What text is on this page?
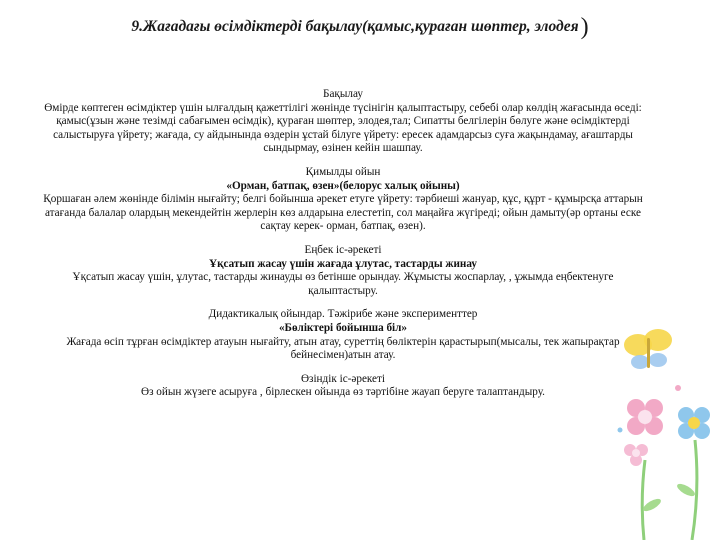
9.Жағадағы өсімдіктерді бақылау(қамыс,қураған шөптер, элодея)

Бақылау

Өмірде көптеген өсімдіктер үшін ылғалдың қажеттілігі жөнінде түсінігін қалыптастыру, себебі олар көлдің жағасында өседі: қамыс(ұзын және тезімді сабағымен өсімдік), қураған шөптер, элодея,тал; Сипатты белгілерін бөлуге және өсімдіктерді салыстыруға үйрету; жағада, су айдынында өздерін ұстай білуге үйрету: ересек адамдарсыз суға жақындамау, ағаштарды сындырмау, өзінен кейін шашпау.

Қимылды ойын

«Орман, батпақ, өзен»(белорус халық ойыны)

Қоршаған әлем жөнінде білімін нығайту; белгі бойынша әрекет етуге үйрету: тәрбиеші жануар, құс, құрт - құмырсқа аттарын атағанда балалар олардың мекендейтін жерлерін көз алдарына елестетіп, сол маңайға жүгіреді; ойын дамыту(әр ортаны еске сақтау керек- орман, батпақ, өзен).

Еңбек іс-әрекеті

Ұқсатып жасау үшін жағада ұлутас, тастарды жинау

Ұқсатып жасау үшін, ұлутас, тастарды жинауды өз бетінше орындау. Жұмысты жоспарлау, , ұжымда еңбектенуге қалыптастыру.

Дидактикалық ойындар. Тәжірибе және эксперименттер

«Бөліктері бойынша біл»

Жағада өсіп тұрған өсімдіктер атауын нығайту, атын атау, суреттің бөліктерін қарастырып(мысалы, тек жапырақтар бейнесімен)атын атау.

Өзіндік іс-әрекеті

Өз ойын жүзеге асыруға , бірлескен ойында өз тәртібіне жауап беруге талаптандыру.
